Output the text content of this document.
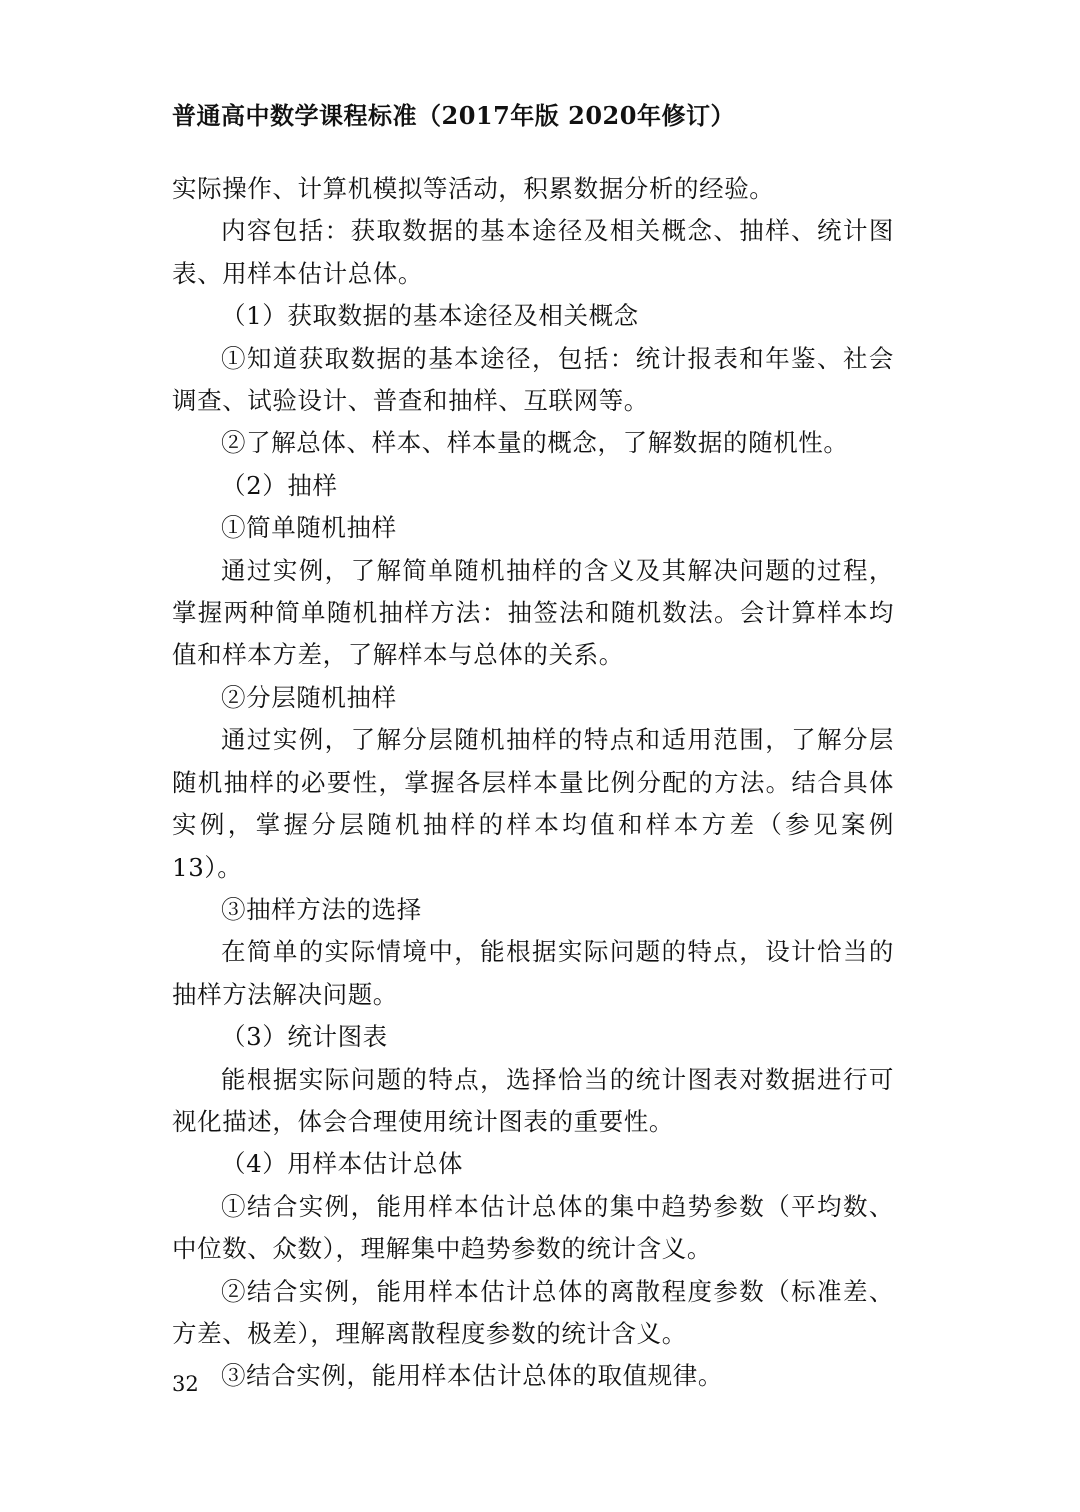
普通高中数学课程标准（2017年版 2020年修订）

实际操作、计算机模拟等活动，积累数据分析的经验。

内容包括：获取数据的基本途径及相关概念、抽样、统计图表、用样本估计总体。

（1）获取数据的基本途径及相关概念

①知道获取数据的基本途径，包括：统计报表和年鉴、社会调查、试验设计、普查和抽样、互联网等。

②了解总体、样本、样本量的概念，了解数据的随机性。

（2）抽样

①简单随机抽样

通过实例，了解简单随机抽样的含义及其解决问题的过程，掌握两种简单随机抽样方法：抽签法和随机数法。会计算样本均值和样本方差，了解样本与总体的关系。

②分层随机抽样

通过实例，了解分层随机抽样的特点和适用范围，了解分层随机抽样的必要性，掌握各层样本量比例分配的方法。结合具体实例，掌握分层随机抽样的样本均值和样本方差（参见案例13）。

③抽样方法的选择

在简单的实际情境中，能根据实际问题的特点，设计恰当的抽样方法解决问题。

（3）统计图表

能根据实际问题的特点，选择恰当的统计图表对数据进行可视化描述，体会合理使用统计图表的重要性。

（4）用样本估计总体

①结合实例，能用样本估计总体的集中趋势参数（平均数、中位数、众数），理解集中趋势参数的统计含义。

②结合实例，能用样本估计总体的离散程度参数（标准差、方差、极差），理解离散程度参数的统计含义。

③结合实例，能用样本估计总体的取值规律。

32
